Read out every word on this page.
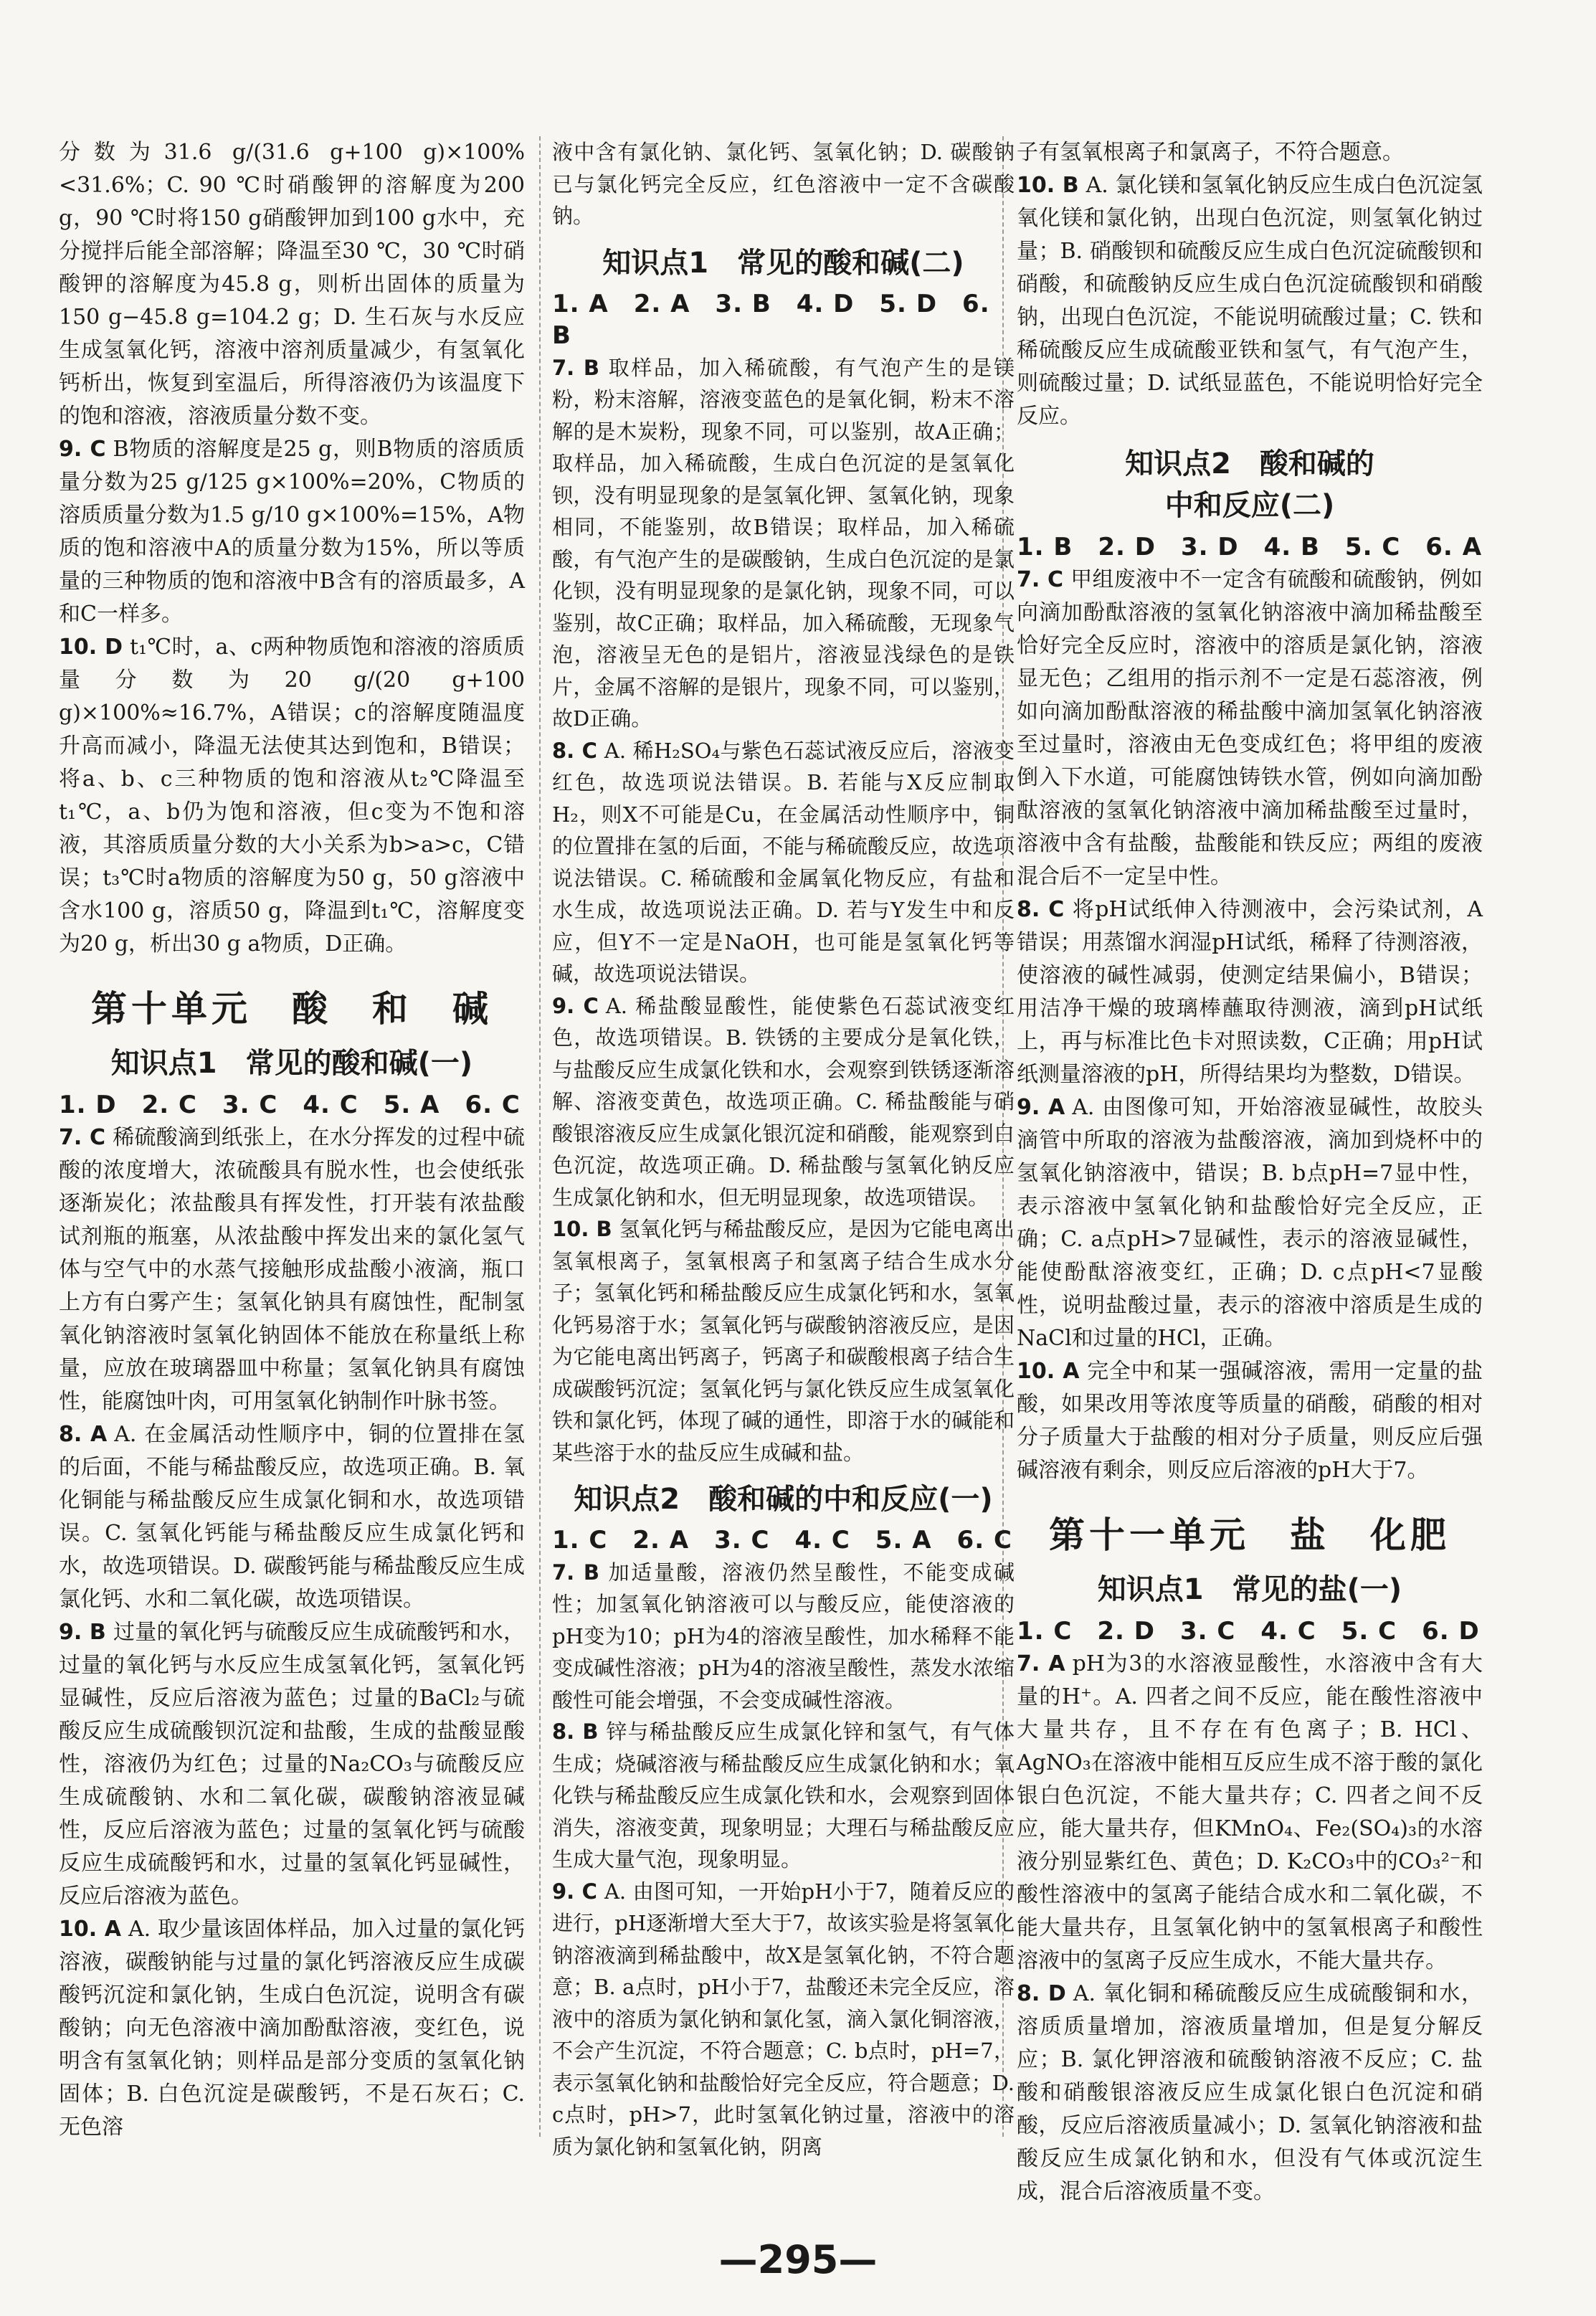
分数为31.6 g/(31.6 g+100 g)×100%<31.6%；C. 90 ℃时硝酸钾的溶解度为200 g，90 ℃时将150 g硝酸钾加到100 g水中，充分搅拌后能全部溶解；降温至30 ℃，30 ℃时硝酸钾的溶解度为45.8 g，则析出固体的质量为150 g−45.8 g=104.2 g；D. 生石灰与水反应生成氢氧化钙，溶液中溶剂质量减少，有氢氧化钙析出，恢复到室温后，所得溶液仍为该温度下的饱和溶液，溶液质量分数不变。

9. C B物质的溶解度是25 g，则B物质的溶质质量分数为25 g/125 g×100%=20%，C物质的溶质质量分数为1.5 g/10 g×100%=15%，A物质的饱和溶液中A的质量分数为15%，所以等质量的三种物质的饱和溶液中B含有的溶质最多，A和C一样多。

10. D t₁℃时，a、c两种物质饱和溶液的溶质质量分数为20 g/(20 g+100 g)×100%≈16.7%，A错误；c的溶解度随温度升高而减小，降温无法使其达到饱和，B错误；将a、b、c三种物质的饱和溶液从t₂℃降温至t₁℃，a、b仍为饱和溶液，但c变为不饱和溶液，其溶质质量分数的大小关系为b>a>c，C错误；t₃℃时a物质的溶解度为50 g，50 g溶液中含水100 g，溶质50 g，降温到t₁℃，溶解度变为20 g，析出30 g a物质，D正确。

第十单元　酸　和　碱
知识点1　常见的酸和碱(一)

1. D　2. C　3. C　4. C　5. A　6. C

7. C 稀硫酸滴到纸张上，在水分挥发的过程中硫酸的浓度增大，浓硫酸具有脱水性，也会使纸张逐渐炭化；浓盐酸具有挥发性，打开装有浓盐酸试剂瓶的瓶塞，从浓盐酸中挥发出来的氯化氢气体与空气中的水蒸气接触形成盐酸小液滴，瓶口上方有白雾产生；氢氧化钠具有腐蚀性，配制氢氧化钠溶液时氢氧化钠固体不能放在称量纸上称量，应放在玻璃器皿中称量；氢氧化钠具有腐蚀性，能腐蚀叶肉，可用氢氧化钠制作叶脉书签。

8. A A. 在金属活动性顺序中，铜的位置排在氢的后面，不能与稀盐酸反应，故选项正确。B. 氧化铜能与稀盐酸反应生成氯化铜和水，故选项错误。C. 氢氧化钙能与稀盐酸反应生成氯化钙和水，故选项错误。D. 碳酸钙能与稀盐酸反应生成氯化钙、水和二氧化碳，故选项错误。

9. B 过量的氧化钙与硫酸反应生成硫酸钙和水，过量的氧化钙与水反应生成氢氧化钙，氢氧化钙显碱性，反应后溶液为蓝色；过量的BaCl₂与硫酸反应生成硫酸钡沉淀和盐酸，生成的盐酸显酸性，溶液仍为红色；过量的Na₂CO₃与硫酸反应生成硫酸钠、水和二氧化碳，碳酸钠溶液显碱性，反应后溶液为蓝色；过量的氢氧化钙与硫酸反应生成硫酸钙和水，过量的氢氧化钙显碱性，反应后溶液为蓝色。

10. A A. 取少量该固体样品，加入过量的氯化钙溶液，碳酸钠能与过量的氯化钙溶液反应生成碳酸钙沉淀和氯化钠，生成白色沉淀，说明含有碳酸钠；向无色溶液中滴加酚酞溶液，变红色，说明含有氢氧化钠；则样品是部分变质的氢氧化钠固体；B. 白色沉淀是碳酸钙，不是石灰石；C. 无色溶

液中含有氯化钠、氯化钙、氢氧化钠；D. 碳酸钠已与氯化钙完全反应，红色溶液中一定不含碳酸钠。

知识点1　常见的酸和碱(二)

1. A　2. A　3. B　4. D　5. D　6. B

7. B 取样品，加入稀硫酸，有气泡产生的是镁粉，粉末溶解，溶液变蓝色的是氧化铜，粉末不溶解的是木炭粉，现象不同，可以鉴别，故A正确；取样品，加入稀硫酸，生成白色沉淀的是氢氧化钡，没有明显现象的是氢氧化钾、氢氧化钠，现象相同，不能鉴别，故B错误；取样品，加入稀硫酸，有气泡产生的是碳酸钠，生成白色沉淀的是氯化钡，没有明显现象的是氯化钠，现象不同，可以鉴别，故C正确；取样品，加入稀硫酸，无现象气泡，溶液呈无色的是铝片，溶液显浅绿色的是铁片，金属不溶解的是银片，现象不同，可以鉴别，故D正确。

8. C A. 稀H₂SO₄与紫色石蕊试液反应后，溶液变红色，故选项说法错误。B. 若能与X反应制取H₂，则X不可能是Cu，在金属活动性顺序中，铜的位置排在氢的后面，不能与稀硫酸反应，故选项说法错误。C. 稀硫酸和金属氧化物反应，有盐和水生成，故选项说法正确。D. 若与Y发生中和反应，但Y不一定是NaOH，也可能是氢氧化钙等碱，故选项说法错误。

9. C A. 稀盐酸显酸性，能使紫色石蕊试液变红色，故选项错误。B. 铁锈的主要成分是氧化铁，与盐酸反应生成氯化铁和水，会观察到铁锈逐渐溶解、溶液变黄色，故选项正确。C. 稀盐酸能与硝酸银溶液反应生成氯化银沉淀和硝酸，能观察到白色沉淀，故选项正确。D. 稀盐酸与氢氧化钠反应生成氯化钠和水，但无明显现象，故选项错误。

10. B 氢氧化钙与稀盐酸反应，是因为它能电离出氢氧根离子，氢氧根离子和氢离子结合生成水分子；氢氧化钙和稀盐酸反应生成氯化钙和水，氢氧化钙易溶于水；氢氧化钙与碳酸钠溶液反应，是因为它能电离出钙离子，钙离子和碳酸根离子结合生成碳酸钙沉淀；氢氧化钙与氯化铁反应生成氢氧化铁和氯化钙，体现了碱的通性，即溶于水的碱能和某些溶于水的盐反应生成碱和盐。

知识点2　酸和碱的中和反应(一)

1. C　2. A　3. C　4. C　5. A　6. C

7. B 加适量酸，溶液仍然呈酸性，不能变成碱性；加氢氧化钠溶液可以与酸反应，能使溶液的pH变为10；pH为4的溶液呈酸性，加水稀释不能变成碱性溶液；pH为4的溶液呈酸性，蒸发水浓缩酸性可能会增强，不会变成碱性溶液。

8. B 锌与稀盐酸反应生成氯化锌和氢气，有气体生成；烧碱溶液与稀盐酸反应生成氯化钠和水；氧化铁与稀盐酸反应生成氯化铁和水，会观察到固体消失，溶液变黄，现象明显；大理石与稀盐酸反应生成大量气泡，现象明显。

9. C A. 由图可知，一开始pH小于7，随着反应的进行，pH逐渐增大至大于7，故该实验是将氢氧化钠溶液滴到稀盐酸中，故X是氢氧化钠，不符合题意；B. a点时，pH小于7，盐酸还未完全反应，溶液中的溶质为氯化钠和氯化氢，滴入氯化铜溶液，不会产生沉淀，不符合题意；C. b点时，pH=7，表示氢氧化钠和盐酸恰好完全反应，符合题意；D. c点时，pH>7，此时氢氧化钠过量，溶液中的溶质为氯化钠和氢氧化钠，阴离

子有氢氧根离子和氯离子，不符合题意。

10. B A. 氯化镁和氢氧化钠反应生成白色沉淀氢氧化镁和氯化钠，出现白色沉淀，则氢氧化钠过量；B. 硝酸钡和硫酸反应生成白色沉淀硫酸钡和硝酸，和硫酸钠反应生成白色沉淀硫酸钡和硝酸钠，出现白色沉淀，不能说明硫酸过量；C. 铁和稀硫酸反应生成硫酸亚铁和氢气，有气泡产生，则硫酸过量；D. 试纸显蓝色，不能说明恰好完全反应。

知识点2　酸和碱的
中和反应(二)

1. B　2. D　3. D　4. B　5. C　6. A

7. C 甲组废液中不一定含有硫酸和硫酸钠，例如向滴加酚酞溶液的氢氧化钠溶液中滴加稀盐酸至恰好完全反应时，溶液中的溶质是氯化钠，溶液显无色；乙组用的指示剂不一定是石蕊溶液，例如向滴加酚酞溶液的稀盐酸中滴加氢氧化钠溶液至过量时，溶液由无色变成红色；将甲组的废液倒入下水道，可能腐蚀铸铁水管，例如向滴加酚酞溶液的氢氧化钠溶液中滴加稀盐酸至过量时，溶液中含有盐酸，盐酸能和铁反应；两组的废液混合后不一定呈中性。

8. C 将pH试纸伸入待测液中，会污染试剂，A错误；用蒸馏水润湿pH试纸，稀释了待测溶液，使溶液的碱性减弱，使测定结果偏小，B错误；用洁净干燥的玻璃棒蘸取待测液，滴到pH试纸上，再与标准比色卡对照读数，C正确；用pH试纸测量溶液的pH，所得结果均为整数，D错误。

9. A A. 由图像可知，开始溶液显碱性，故胶头滴管中所取的溶液为盐酸溶液，滴加到烧杯中的氢氧化钠溶液中，错误；B. b点pH=7显中性，表示溶液中氢氧化钠和盐酸恰好完全反应，正确；C. a点pH>7显碱性，表示的溶液显碱性，能使酚酞溶液变红，正确；D. c点pH<7显酸性，说明盐酸过量，表示的溶液中溶质是生成的NaCl和过量的HCl，正确。

10. A 完全中和某一强碱溶液，需用一定量的盐酸，如果改用等浓度等质量的硝酸，硝酸的相对分子质量大于盐酸的相对分子质量，则反应后强碱溶液有剩余，则反应后溶液的pH大于7。

第十一单元　盐　化肥
知识点1　常见的盐(一)

1. C　2. D　3. C　4. C　5. C　6. D

7. A pH为3的水溶液显酸性，水溶液中含有大量的H⁺。A. 四者之间不反应，能在酸性溶液中大量共存，且不存在有色离子；B. HCl、AgNO₃在溶液中能相互反应生成不溶于酸的氯化银白色沉淀，不能大量共存；C. 四者之间不反应，能大量共存，但KMnO₄、Fe₂(SO₄)₃的水溶液分别显紫红色、黄色；D. K₂CO₃中的CO₃²⁻和酸性溶液中的氢离子能结合成水和二氧化碳，不能大量共存，且氢氧化钠中的氢氧根离子和酸性溶液中的氢离子反应生成水，不能大量共存。

8. D A. 氧化铜和稀硫酸反应生成硫酸铜和水，溶质质量增加，溶液质量增加，但是复分解反应；B. 氯化钾溶液和硫酸钠溶液不反应；C. 盐酸和硝酸银溶液反应生成氯化银白色沉淀和硝酸，反应后溶液质量减小；D. 氢氧化钠溶液和盐酸反应生成氯化钠和水，但没有气体或沉淀生成，混合后溶液质量不变。

—295—
